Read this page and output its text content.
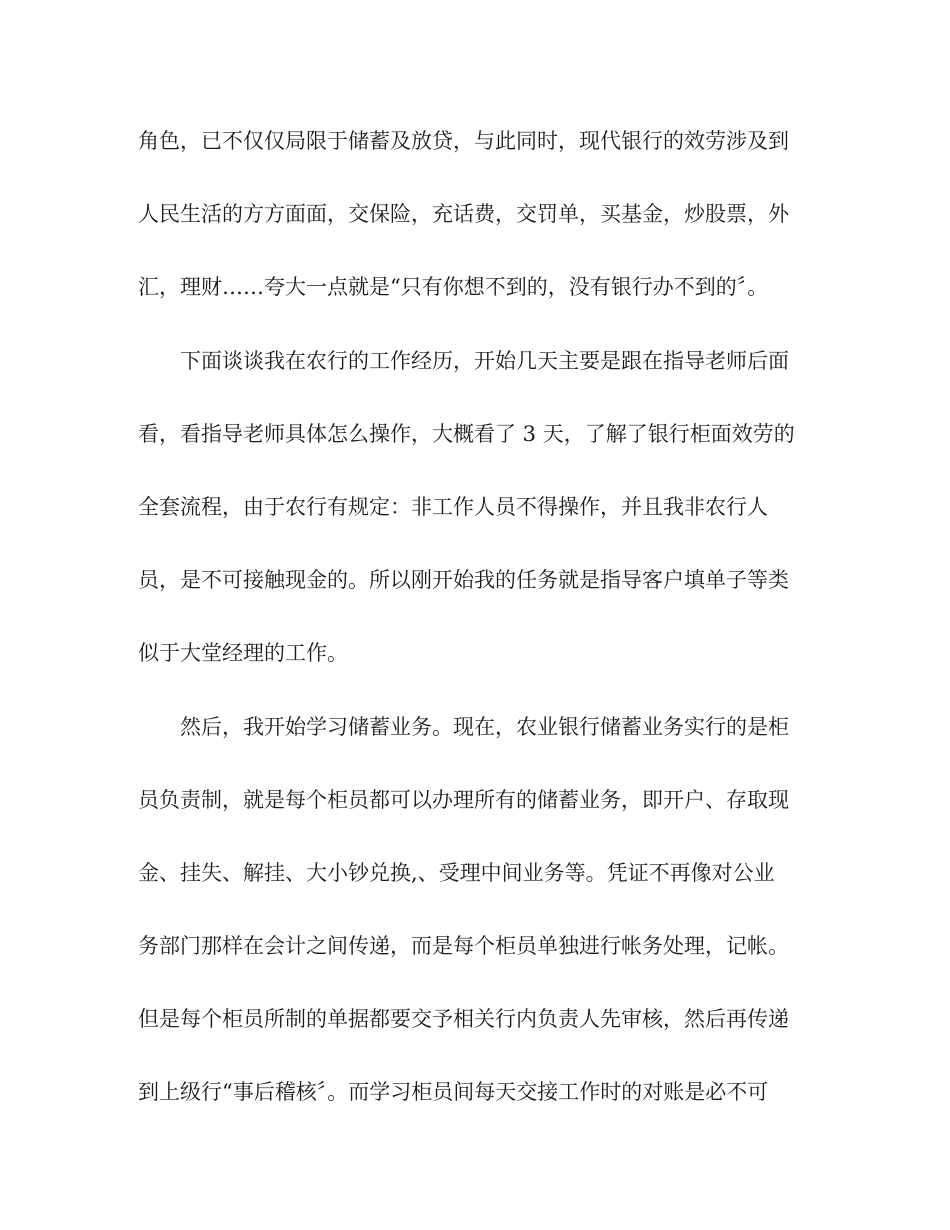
角色，已不仅仅局限于储蓄及放贷，与此同时，现代银行的效劳涉及到
人民生活的方方面面，交保险，充话费，交罚单，买基金，炒股票，外
汇，理财……夸大一点就是“只有你想不到的，没有银行办不到的〞。
下面谈谈我在农行的工作经历，开始几天主要是跟在指导老师后面
看，看指导老师具体怎么操作，大概看了 3 天，了解了银行柜面效劳的
全套流程，由于农行有规定：非工作人员不得操作，并且我非农行人
员，是不可接触现金的。所以刚开始我的任务就是指导客户填单子等类
似于大堂经理的工作。
然后，我开始学习储蓄业务。现在，农业银行储蓄业务实行的是柜
员负责制，就是每个柜员都可以办理所有的储蓄业务，即开户、存取现
金、挂失、解挂、大小钞兑换,、受理中间业务等。凭证不再像对公业
务部门那样在会计之间传递，而是每个柜员单独进行帐务处理，记帐。
但是每个柜员所制的单据都要交予相关行内负责人先审核，然后再传递
到上级行“事后稽核〞。而学习柜员间每天交接工作时的对账是必不可
